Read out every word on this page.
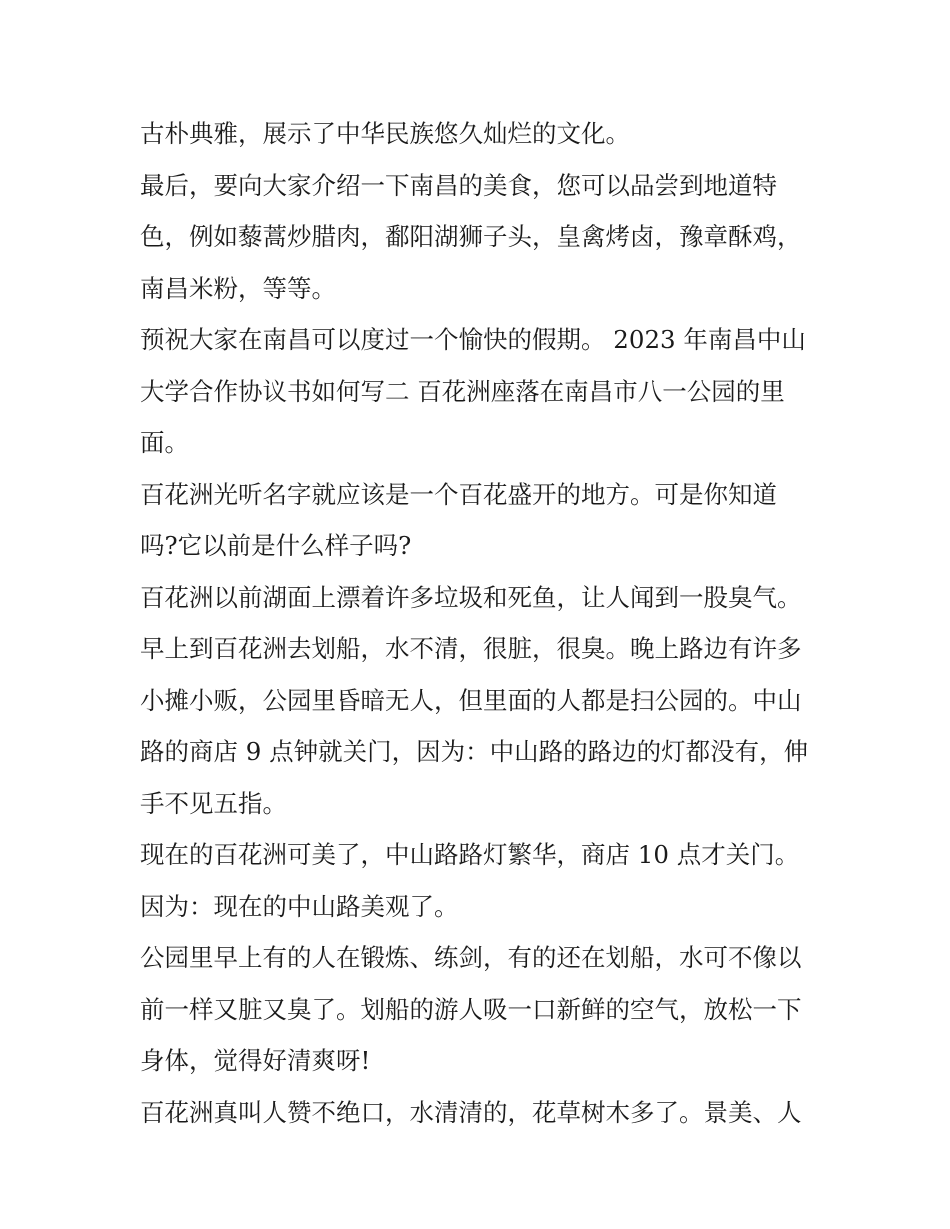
古朴典雅，展示了中华民族悠久灿烂的文化。
最后，要向大家介绍一下南昌的美食，您可以品尝到地道特
色，例如藜蒿炒腊肉，鄱阳湖狮子头，皇禽烤卤，豫章酥鸡，
南昌米粉，等等。
预祝大家在南昌可以度过一个愉快的假期。 2023 年南昌中山
大学合作协议书如何写二 百花洲座落在南昌市八一公园的里
面。
百花洲光听名字就应该是一个百花盛开的地方。可是你知道
吗?它以前是什么样子吗?
百花洲以前湖面上漂着许多垃圾和死鱼，让人闻到一股臭气。
早上到百花洲去划船，水不清，很脏，很臭。晚上路边有许多
小摊小贩，公园里昏暗无人，但里面的人都是扫公园的。中山
路的商店 9 点钟就关门，因为：中山路的路边的灯都没有，伸
手不见五指。
现在的百花洲可美了，中山路路灯繁华，商店 10 点才关门。
因为：现在的中山路美观了。
公园里早上有的人在锻炼、练剑，有的还在划船，水可不像以
前一样又脏又臭了。划船的游人吸一口新鲜的空气，放松一下
身体，觉得好清爽呀!
百花洲真叫人赞不绝口，水清清的，花草树木多了。景美、人
